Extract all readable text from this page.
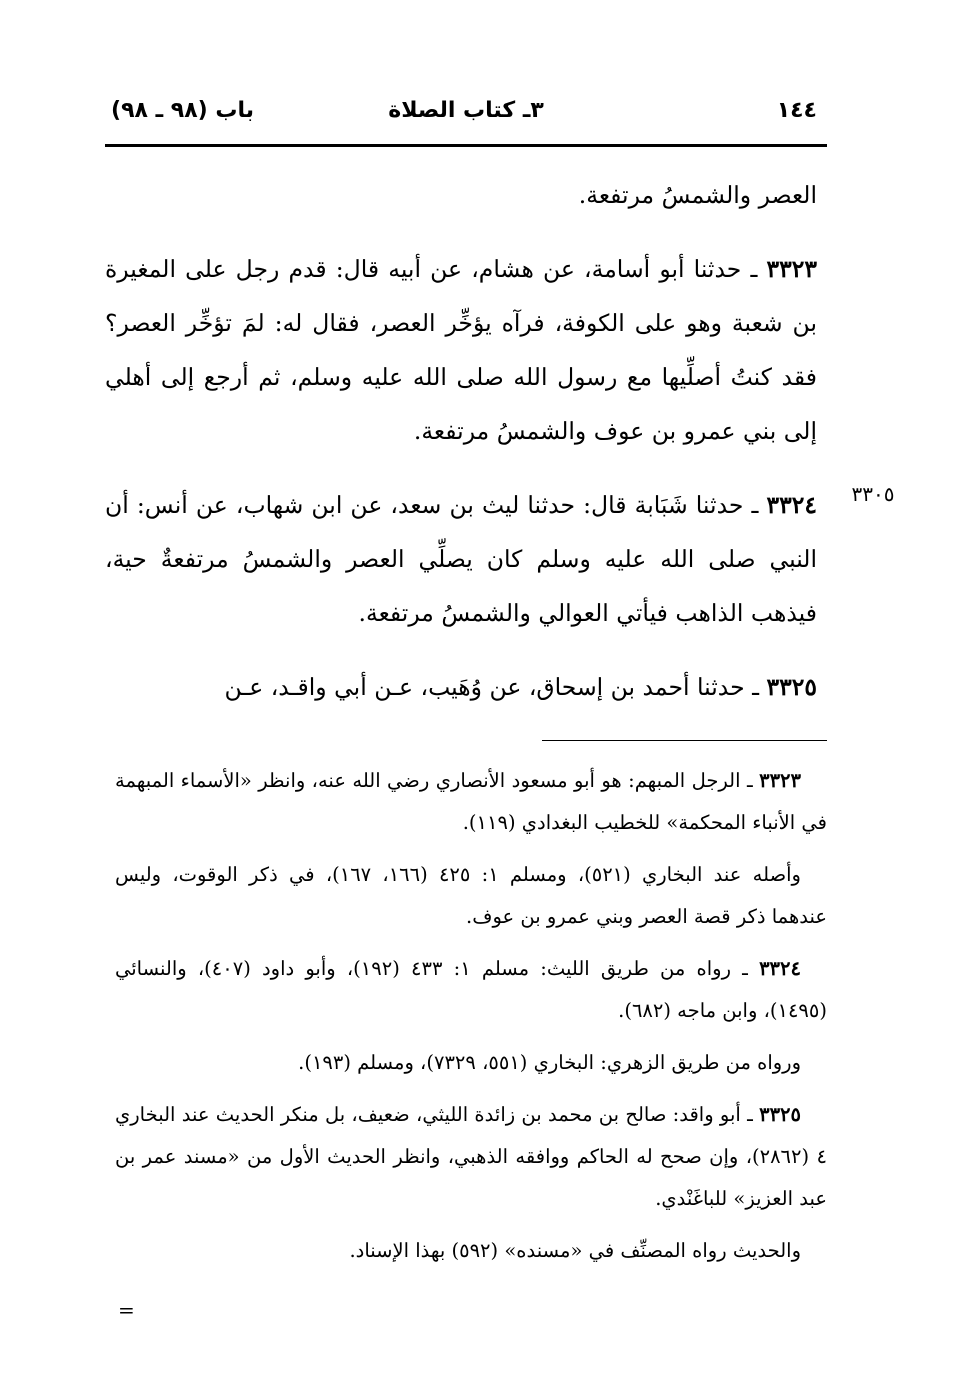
١٤٤
٣ـ كتاب الصلاة
باب (٩٨ ـ ٩٨)

العصر والشمسُ مرتفعة.

٣٣٢٣ ـ حدثنا أبو أسامة، عن هشام، عن أبيه قال: قدم رجل على المغيرة بن شعبة وهو على الكوفة، فرآه يؤخِّر العصر، فقال له: لمَ تؤخِّر العصر؟ فقد كنتُ أصلِّيها مع رسول الله صلى الله عليه وسلم، ثم أرجع إلى أهلي إلى بني عمرو بن عوف والشمسُ مرتفعة.

٣٣٢٤ ـ حدثنا شَبَابة قال: حدثنا ليث بن سعد، عن ابن شهاب، عن أنس: أن النبي صلى الله عليه وسلم كان يصلِّي العصر والشمسُ مرتفعةٌ حية، فيذهب الذاهب فيأتي العوالي والشمسُ مرتفعة.

٣٣٢٥ ـ حدثنا أحمد بن إسحاق، عن وُهَيب، عـن أبي واقـد، عـن

٣٣٠٥

٣٣٢٣ ـ الرجل المبهم: هو أبو مسعود الأنصاري رضي الله عنه، وانظر «الأسماء المبهمة في الأنباء المحكمة» للخطيب البغدادي (١١٩).

وأصله عند البخاري (٥٢١)، ومسلم ١: ٤٢٥ (١٦٦، ١٦٧)، في ذكر الوقوت، وليس عندهما ذكر قصة العصر وبني عمرو بن عوف.

٣٣٢٤ ـ رواه من طريق الليث: مسلم ١: ٤٣٣ (١٩٢)، وأبو داود (٤٠٧)، والنسائي (١٤٩٥)، وابن ماجه (٦٨٢).

ورواه من طريق الزهري: البخاري (٥٥١، ٧٣٢٩)، ومسلم (١٩٣).

٣٣٢٥ ـ أبو واقد: صالح بن محمد بن زائدة الليثي، ضعيف، بل منكر الحديث عند البخاري ٤ (٢٨٦٢)، وإن صحح له الحاكم ووافقه الذهبي، وانظر الحديث الأول من «مسند عمر بن عبد العزيز» للباغَنْدي.

والحديث رواه المصنِّف في «مسنده» (٥٩٢) بهذا الإسناد.

=
